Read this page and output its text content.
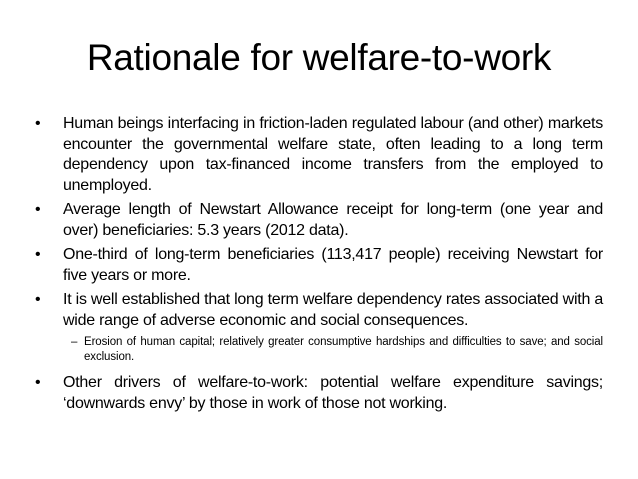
Rationale for welfare-to-work
•	Human beings interfacing in friction-laden regulated labour (and other) markets encounter the governmental welfare state, often leading to a long term dependency upon tax-financed income transfers from the employed to unemployed.
•	Average length of Newstart Allowance receipt for long-term (one year and over) beneficiaries: 5.3 years (2012 data).
•	One-third of long-term beneficiaries (113,417 people) receiving Newstart for five years or more.
•	It is well established that long term welfare dependency rates associated with a wide range of adverse economic and social consequences.
– Erosion of human capital; relatively greater consumptive hardships and difficulties to save; and social exclusion.
•	Other drivers of welfare-to-work: potential welfare expenditure savings; ‘downwards envy’ by those in work of those not working.
